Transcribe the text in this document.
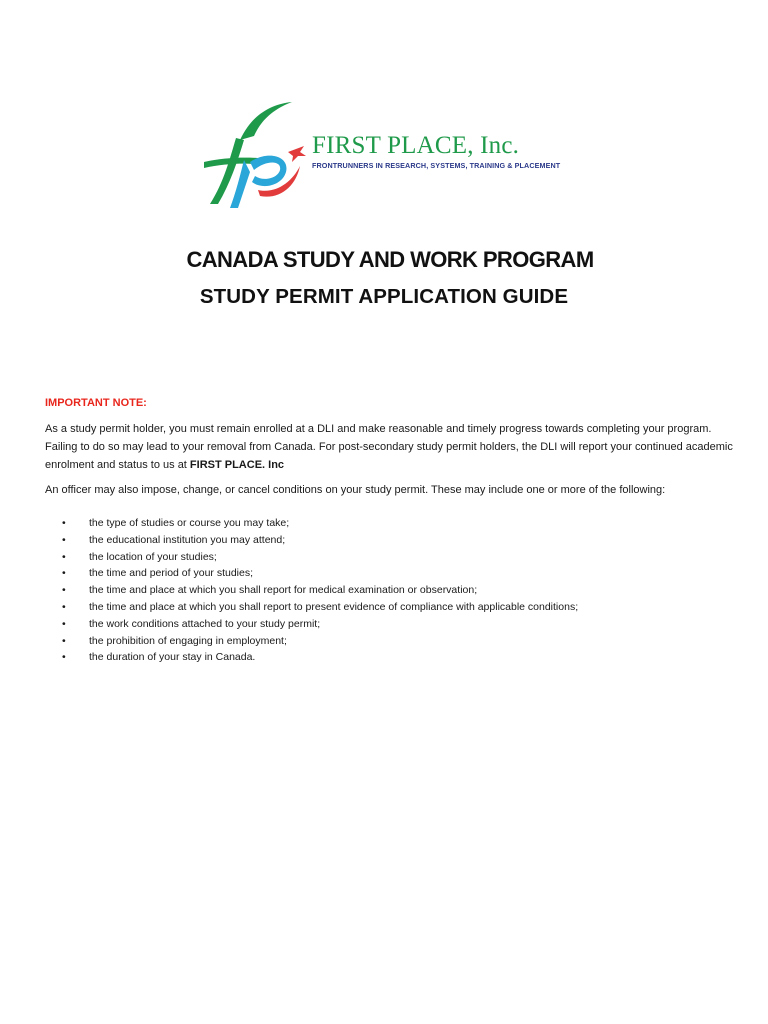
FIRST PLACE, Inc.
FRONTRUNNERS IN RESEARCH, SYSTEMS, TRAINING & PLACEMENT
CANADA STUDY AND WORK PROGRAM
STUDY PERMIT APPLICATION GUIDE

IMPORTANT NOTE:

As a study permit holder, you must remain enrolled at a DLI and make reasonable and timely progress towards completing your program. Failing to do so may lead to your removal from Canada. For post-secondary study permit holders, the DLI will report your continued academic enrolment and status to us at FIRST PLACE. Inc

An officer may also impose, change, or cancel conditions on your study permit. These may include one or more of the following:

•	the type of studies or course you may take;
•	the educational institution you may attend;
•	the location of your studies;
•	the time and period of your studies;
•	the time and place at which you shall report for medical examination or observation;
•	the time and place at which you shall report to present evidence of compliance with applicable conditions;
•	the work conditions attached to your study permit;
•	the prohibition of engaging in employment;
•	the duration of your stay in Canada.
